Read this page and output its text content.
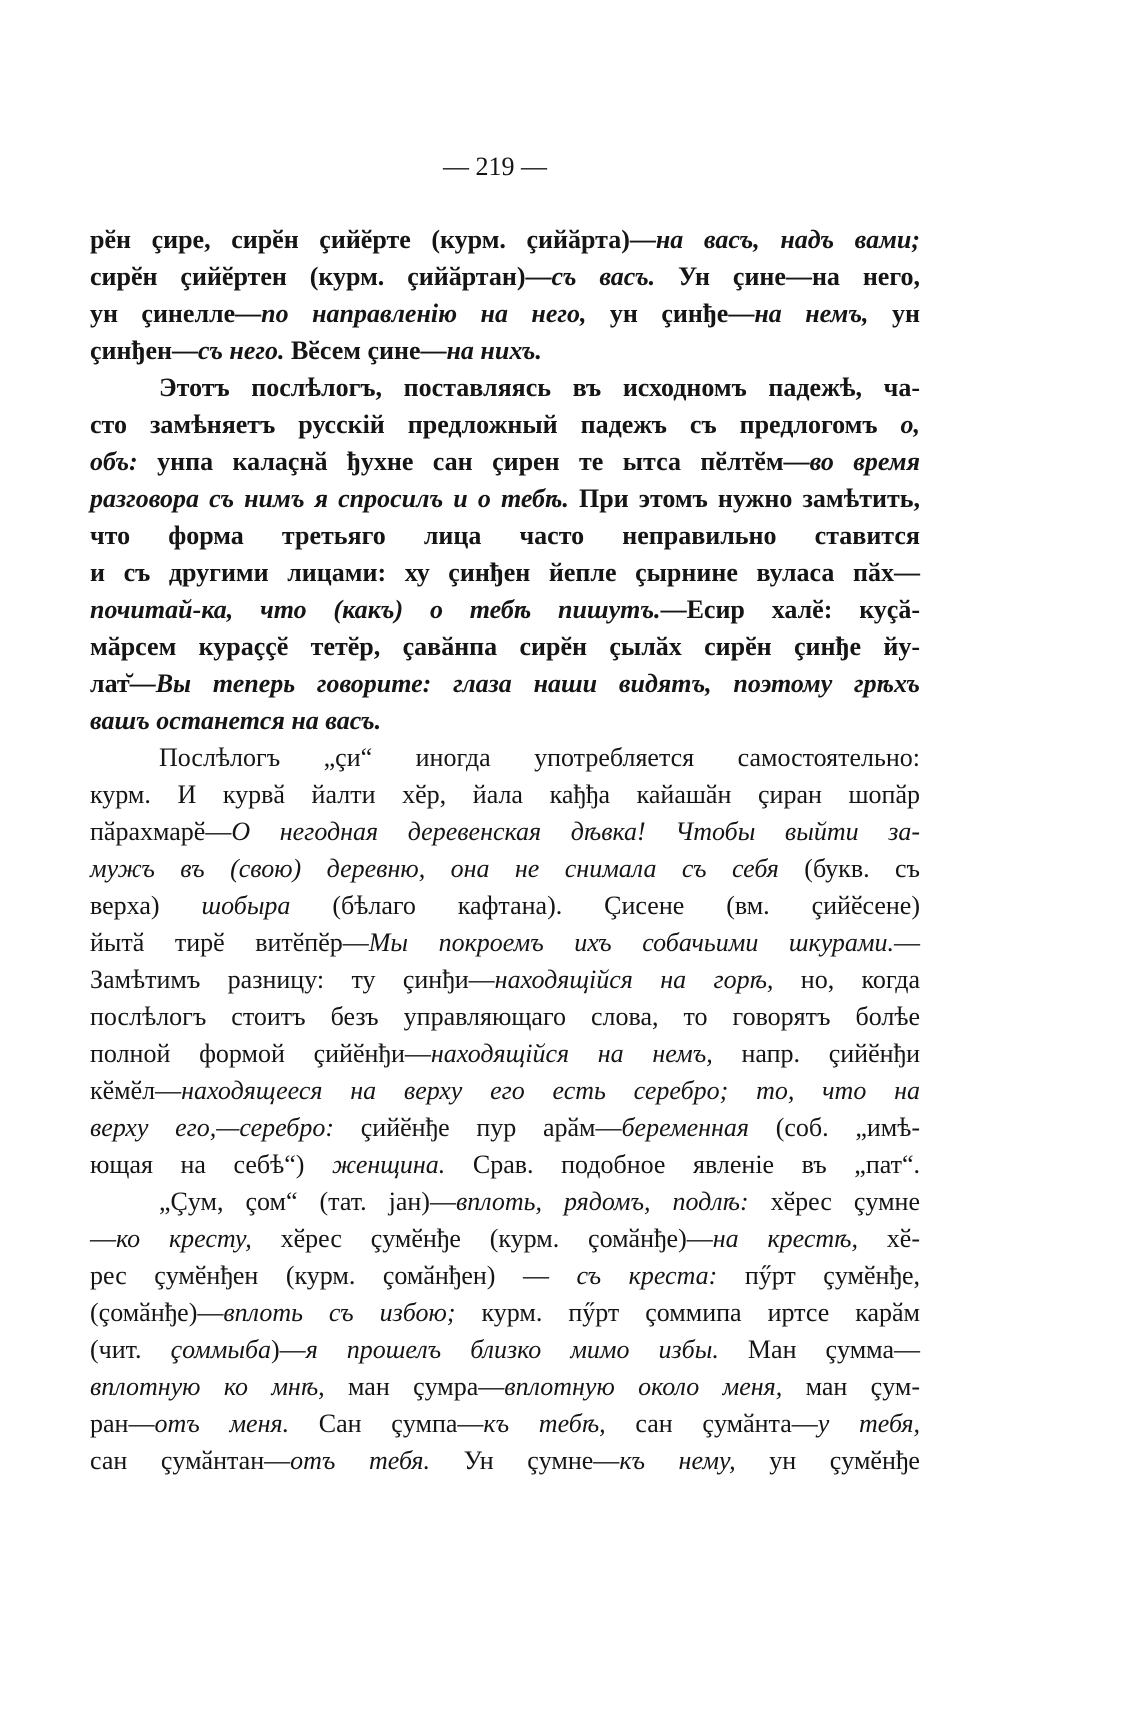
— 219 —
рӗн çире, сирӗн çийӗрте (курм. çийӑрта)—на васъ, надъ вами;
сирӗн çийӗртен (курм. çийӑртан)—съ васъ. Ун çине—на него,
ун çинелле—по направленію на него, ун çинђе—на немъ, ун
çинђен—съ него. Вӗсем çине—на нихъ.
Этотъ послѣлогъ, поставляясь въ исходномъ падежѣ, ча-
сто замѣняетъ русскій предложный падежъ съ предлогомъ о,
объ: унпа калаçнӑ ђухне сан çирен те ытса пӗлтӗм—во время
разговора съ нимъ я спросилъ и о тебѣ. При этомъ нужно замѣтить,
что форма третьяго лица часто неправильно ставится
и съ другими лицами: ху çинђен йепле çырнине вуласа пӑх—
почитай-ка, что (какъ) о тебѣ пишутъ.—Есир халӗ: куçӑ-
мӑрсем кураççӗ тетӗр, çавӑнпа сирӗн çылӑх сирӗн çинђе йу-
лат̆—Вы теперь говорите: глаза наши видятъ, поэтому грѣхъ
вашъ останется на васъ.
Послѣлогъ „çи“ иногда употребляется самостоятельно:
курм. И курвӑ йалти хӗр, йала кађђа кайашӑн çиран шопӑр
пӑрахмарӗ—О негодная деревенская дѣвка! Чтобы выйти за-
мужъ въ (свою) деревню, она не снимала съ себя (букв. съ
верха) шобыра (бѣлаго кафтана). Çисене (вм. çийӗсене)
йытӑ тирӗ витӗпӗр—Мы покроемъ ихъ собачьими шкурами.—
Замѣтимъ разницу: ту çинђи—находящійся на горѣ, но, когда
послѣлогъ стоитъ безъ управляющаго слова, то говорятъ болѣе
полной формой çийӗнђи—находящійся на немъ, напр. çийӗнђи
кӗмӗл—находящееся на верху его есть серебро; то, что на
верху его,—серебро: çийӗнђе пур арӑм—беременная (соб. „имѣ-
ющая на себѣ“) женщина. Срав. подобное явленіе въ „пат“.
„Çум, çом“ (тат. јан)—вплоть, рядомъ, подлѣ: хӗрес çумне
—ко кресту, хӗрес çумӗнђе (курм. çомӑнђе)—на крестѣ, хӗ-
рес çумӗнђен (курм. çомӑнђен) — съ креста: пӳрт çумӗнђе,
(çомӑнђе)—вплоть съ избою; курм. пӳрт çоммипа иртсе карӑм
(чит. çоммыба)—я прошелъ близко мимо избы. Ман çумма—
вплотную ко мнѣ, ман çумра—вплотную около меня, ман çум-
ран—отъ меня. Сан çумпа—къ тебѣ, сан çумӑнта—у тебя,
сан çумӑнтан—отъ тебя. Ун çумне—къ нему, ун çумӗнђе
